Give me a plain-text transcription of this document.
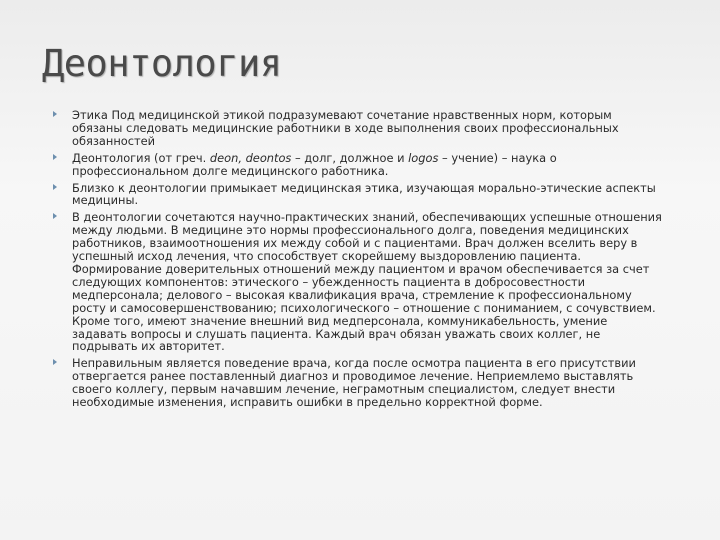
Деонтология
Этика Под медицинской этикой подразумевают сочетание нравственных норм, которым обязаны следовать медицинские работники в ходе выполнения своих профессиональных обязанностей
Деонтология (от греч. deon, deontos – долг, должное и logos – учение) – наука о профессиональном долге медицинского работника.
Близко к деонтологии примыкает медицинская этика, изучающая морально-этические аспекты медицины.
В деонтологии сочетаются научно-практических знаний, обеспечивающих успешные отношения между людьми. В медицине это нормы профессионального долга, поведения медицинских работников, взаимоотношения их между собой и с пациентами. Врач должен вселить веру в успешный исход лечения, что способствует скорейшему выздоровлению пациента. Формирование доверительных отношений между пациентом и врачом обеспечивается за счет следующих компонентов: этического – убежденность пациента в добросовестности медперсонала; делового – высокая квалификация врача, стремление к профессиональному росту и самосовершенствованию; психологического – отношение с пониманием, с сочувствием. Кроме того, имеют значение внешний вид медперсонала, коммуникабельность, умение задавать вопросы и слушать пациента. Каждый врач обязан уважать своих коллег, не подрывать их авторитет.
Неправильным является поведение врача, когда после осмотра пациента в его присутствии отвергается ранее поставленный диагноз и проводимое лечение. Неприемлемо выставлять своего коллегу, первым начавшим лечение, неграмотным специалистом, следует внести необходимые изменения, исправить ошибки в предельно корректной форме.
